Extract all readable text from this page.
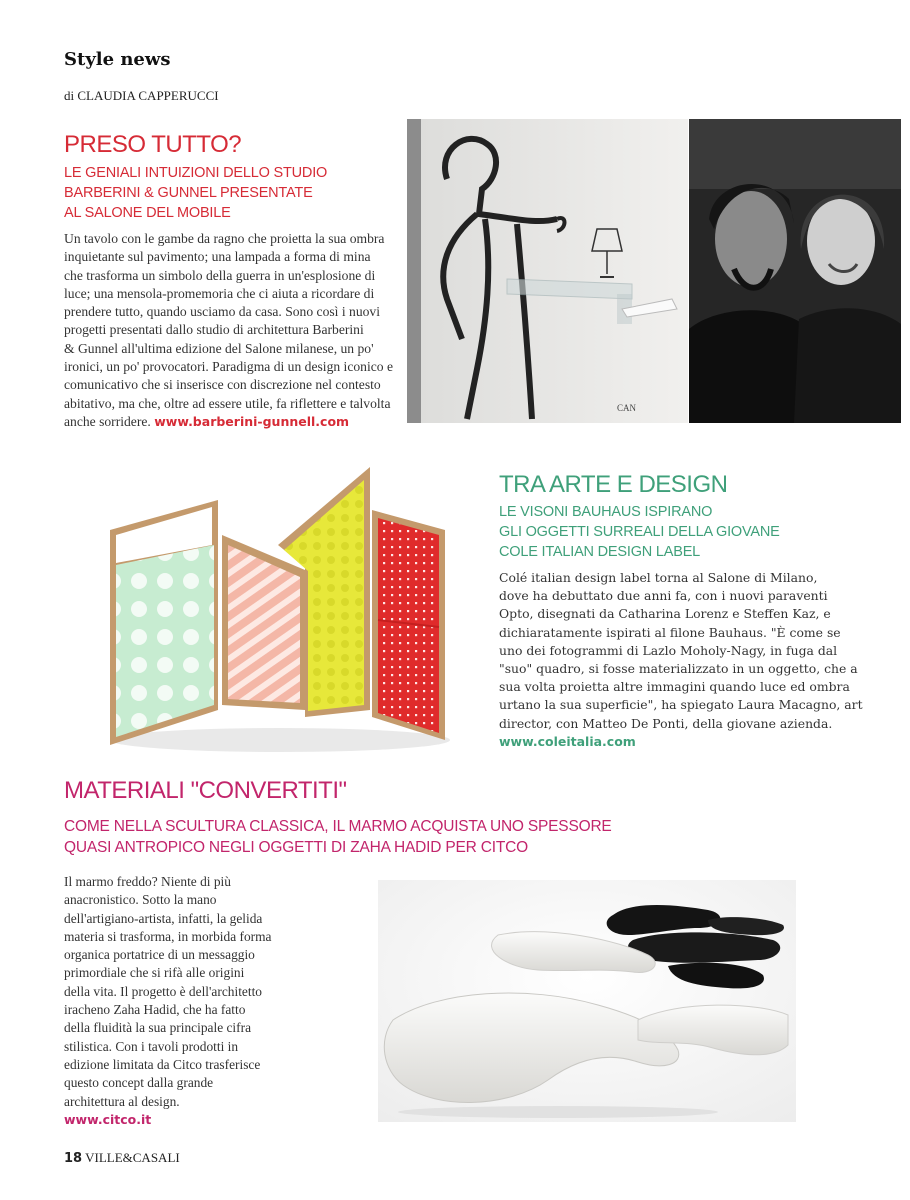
Style news
di CLAUDIA CAPPERUCCI
PRESO TUTTO?
LE GENIALI INTUIZIONI DELLO STUDIO
BARBERINI & GUNNEL PRESENTATE
AL SALONE DEL MOBILE
Un tavolo con le gambe da ragno che proietta la sua ombra
inquietante sul pavimento; una lampada a forma di mina
che trasforma un simbolo della guerra in un'esplosione di
luce; una mensola-promemoria che ci aiuta a ricordare di
prendere tutto, quando usciamo da casa. Sono così i nuovi
progetti presentati dallo studio di architettura Barberini
& Gunnel all'ultima edizione del Salone milanese, un po'
ironici, un po' provocatori. Paradigma di un design iconico e
comunicativo che si inserisce con discrezione nel contesto
abitativo, ma che, oltre ad essere utile, fa riflettere e talvolta
anche sorridere. www.barberini-gunnell.com
CAN
TRA ARTE E DESIGN
LE VISONI BAUHAUS ISPIRANO
GLI OGGETTI SURREALI DELLA GIOVANE
COLE ITALIAN DESIGN LABEL
Colé italian design label torna al Salone di Milano,
dove ha debuttato due anni fa, con i nuovi paraventi
Opto, disegnati da Catharina Lorenz e Steffen Kaz, e
dichiaratamente ispirati al filone Bauhaus. "È come se
uno dei fotogrammi di Lazlo Moholy-Nagy, in fuga dal
"suo" quadro, si fosse materializzato in un oggetto, che a
sua volta proietta altre immagini quando luce ed ombra
urtano la sua superficie", ha spiegato Laura Macagno, art
director, con Matteo De Ponti, della giovane azienda.
www.coleitalia.com
MATERIALI "CONVERTITI"
COME NELLA SCULTURA CLASSICA, IL MARMO ACQUISTA UNO SPESSORE
QUASI ANTROPICO NEGLI OGGETTI DI ZAHA HADID PER CITCO
Il marmo freddo? Niente di più
anacronistico. Sotto la mano
dell'artigiano-artista, infatti, la gelida
materia si trasforma, in morbida forma
organica portatrice di un messaggio
primordiale che si rifà alle origini
della vita. Il progetto è dell'architetto
iracheno Zaha Hadid, che ha fatto
della fluidità la sua principale cifra
stilistica. Con i tavoli prodotti in
edizione limitata da Citco trasferisce
questo concept dalla grande
architettura al design.
www.citco.it
18 VILLE&CASALI
